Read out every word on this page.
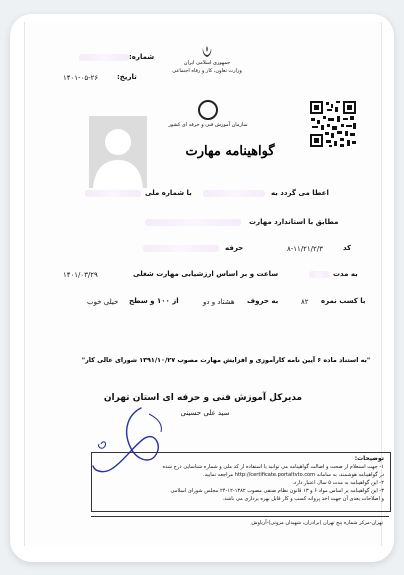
جمهوری اسلامی ایران
وزارت تعاون، کار و رفاه اجتماعی
شماره:
۱۴۰۱-۰۵-۲۶	تاریخ:
سازمان آموزش فنی و حرفه ای کشور
گواهینامه مهارت
اعطا می گردد به
با شماره ملی
مطابق با استاندارد مهارت
کد
۸-۱۱/۲۱/۲/۳
حرفه
به مدت
ساعت و بر اساس ارزشیابی مهارت شغلی
۱۴۰۱/۰۳/۲۹
با کسب نمره
۸۲
به حروف
هشتاد و دو
از ۱۰۰ و سطح
خیلی خوب
"به استناد ماده ۶ آیین نامه کارآموزی و افزایش مهارت مصوب ۱۳۹۱/۱۰/۲۷ شورای عالی کار"
مدیرکل آموزش فنی و حرفه ای استان تهران
سید علی حسینی
توضیحات:
۱- جهت استعلام از صحت و اصالت گواهینامه می توانید با استفاده از کد ملی و شماره شناسایی درج شده
در گواهینامه هوشمند، به سامانه http://certificate.portaltvto.com مراجعه نمایید.
۲- این گواهینامه به مدت ۵ سال اعتبار دارد.
۳- این گواهینامه بر اساس مواد ۶ و ۱۳ قانون نظام صنفی مصوب ۱۳۸۲-۱۲-۲۴ مجلس شورای اسلامی
و اصلاحات بعدی آن جهت اخذ پروانه کسب و کار قابل بهره برداری می باشد.
تهران-مرکز شماره پنج تهران (برادران، شهیدان مروتی)-آریاوش
